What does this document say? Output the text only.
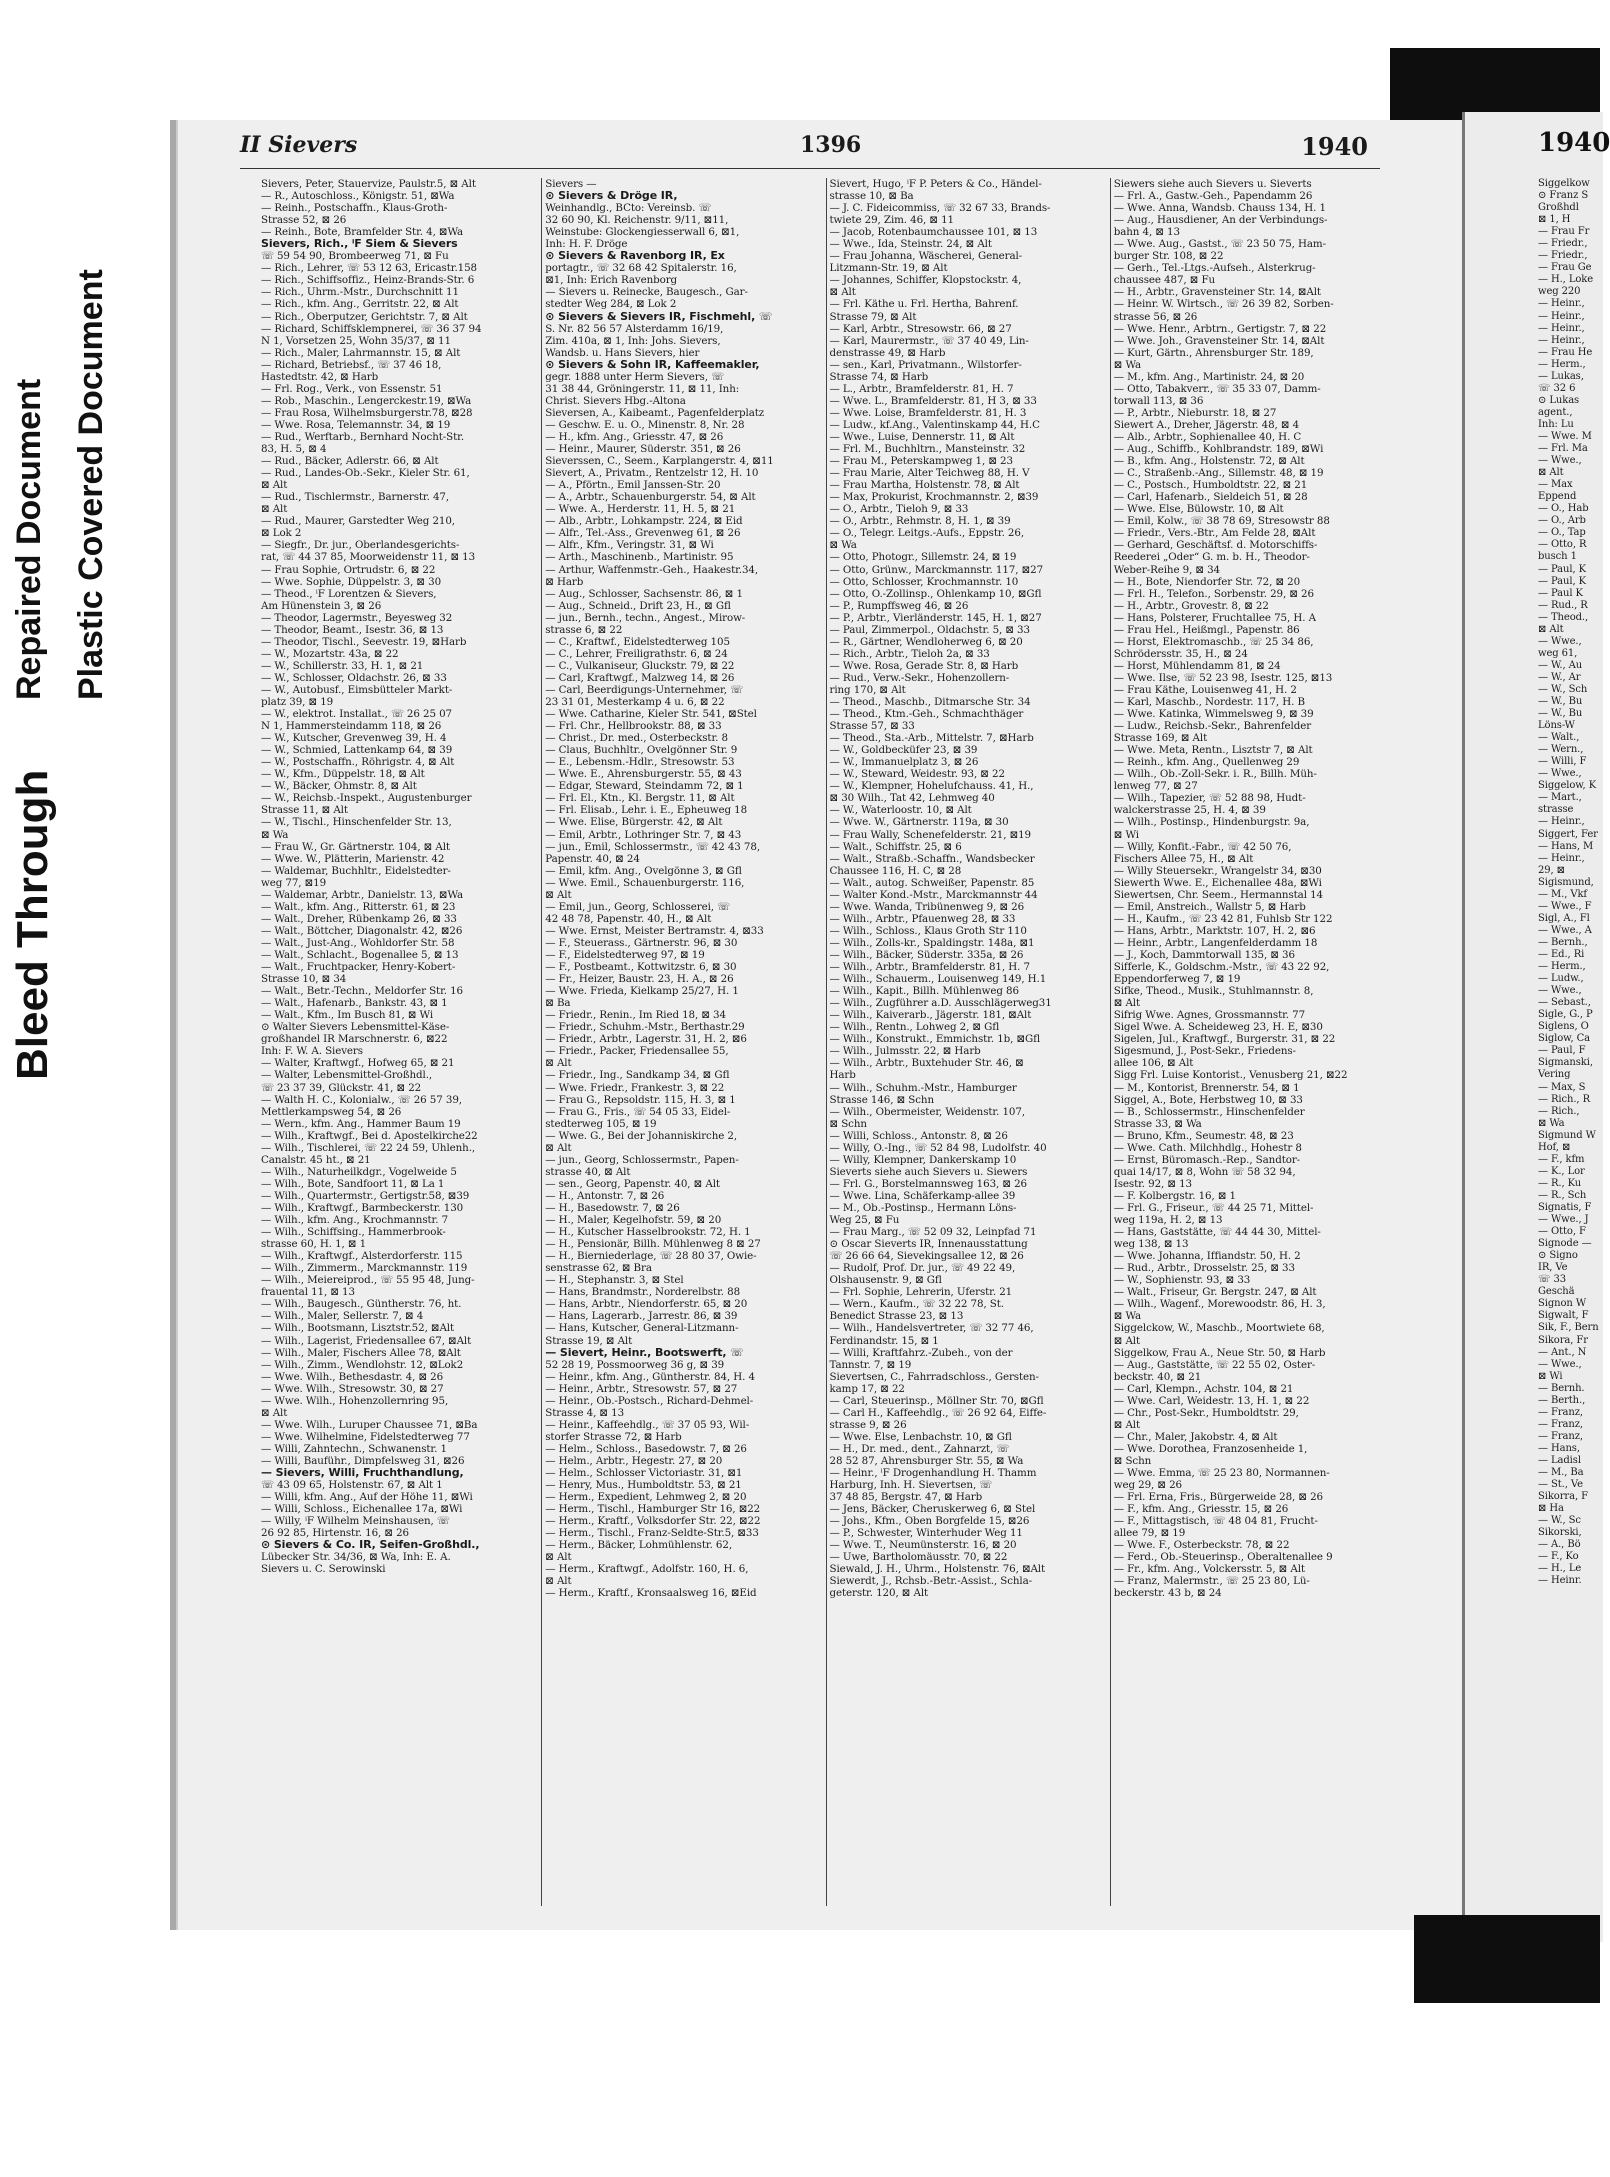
Bleed Through
Repaired Document Plastic Covered Document
II Sievers	1396	1940	1940
Sievers, Peter, Stauervize, Paulstr.5, ⊠ Alt
— R., Autoschloss., Königstr. 51, ⊠Wa
— Reinh., Postschaffn., Klaus-Groth-
Strasse 52, ⊠ 26
— Reinh., Bote, Bramfelder Str. 4, ⊠Wa
Sievers, Rich., ⁱF Siem & Sievers
☏ 59 54 90, Brombeerweg 71, ⊠ Fu
— Rich., Lehrer, ☏ 53 12 63, Ericastr.158
— Rich., Schiffsoffiz., Heinz-Brands-Str. 6
— Rich., Uhrm.-Mstr., Durchschnitt 11
— Rich., kfm. Ang., Gerritstr. 22, ⊠ Alt
— Rich., Oberputzer, Gerichtstr. 7, ⊠ Alt
— Richard, Schiffsklempnerei, ☏ 36 37 94
N 1, Vorsetzen 25, Wohn 35/37, ⊠ 11
— Rich., Maler, Lahrmannstr. 15, ⊠ Alt
— Richard, Betriebsf., ☏ 37 46 18,
Hastedtstr. 42, ⊠ Harb
— Frl. Rog., Verk., von Essenstr. 51
— Rob., Maschin., Lengerckestr.19, ⊠Wa
— Frau Rosa, Wilhelmsburgerstr.78, ⊠28
— Wwe. Rosa, Telemannstr. 34, ⊠ 19
— Rud., Werftarb., Bernhard Nocht-Str.
83, H. 5, ⊠ 4
— Rud., Bäcker, Adlerstr. 66, ⊠ Alt
— Rud., Landes-Ob.-Sekr., Kieler Str. 61,
⊠ Alt
— Rud., Tischlermstr., Barnerstr. 47,
⊠ Alt
— Rud., Maurer, Garstedter Weg 210,
⊠ Lok 2
— Siegfr., Dr. jur., Oberlandesgerichts-
rat, ☏ 44 37 85, Moorweidenstr 11, ⊠ 13
— Frau Sophie, Ortrudstr. 6, ⊠ 22
— Wwe. Sophie, Düppelstr. 3, ⊠ 30
— Theod., ⁱF Lorentzen & Sievers,
Am Hünenstein 3, ⊠ 26
— Theodor, Lagermstr., Beyesweg 32
— Theodor, Beamt., Isestr. 36, ⊠ 13
— Theodor, Tischl., Seevestr. 19, ⊠Harb
— W., Mozartstr. 43a, ⊠ 22
— W., Schillerstr. 33, H. 1, ⊠ 21
— W., Schlosser, Oldachstr. 26, ⊠ 33
— W., Autobusf., Eimsbütteler Markt-
platz 39, ⊠ 19
— W., elektrot. Installat., ☏ 26 25 07
N 1, Hammersteindamm 118, ⊠ 26
— W., Kutscher, Grevenweg 39, H. 4
— W., Schmied, Lattenkamp 64, ⊠ 39
— W., Postschaffn., Röhrigstr. 4, ⊠ Alt
— W., Kfm., Düppelstr. 18, ⊠ Alt
— W., Bäcker, Ohmstr. 8, ⊠ Alt
— W., Reichsb.-Inspekt., Augustenburger
Strasse 11, ⊠ Alt
— W., Tischl., Hinschenfelder Str. 13,
⊠ Wa
— Frau W., Gr. Gärtnerstr. 104, ⊠ Alt
— Wwe. W., Plätterin, Marienstr. 42
— Waldemar, Buchhltr., Eidelstedter-
weg 77, ⊠19
— Waldemar, Arbtr., Danielstr. 13, ⊠Wa
— Walt., kfm. Ang., Ritterstr. 61, ⊠ 23
— Walt., Dreher, Rübenkamp 26, ⊠ 33
— Walt., Böttcher, Diagonalstr. 42, ⊠26
— Walt., Just-Ang., Wohldorfer Str. 58
— Walt., Schlacht., Bogenallee 5, ⊠ 13
— Walt., Fruchtpacker, Henry-Kobert-
Strasse 10, ⊠ 34
— Walt., Betr.-Techn., Meldorfer Str. 16
— Walt., Hafenarb., Bankstr. 43, ⊠ 1
— Walt., Kfm., Im Busch 81, ⊠ Wi
⊙ Walter Sievers Lebensmittel-Käse-
großhandel IR Marschnerstr. 6, ⊠22
Inh: F. W. A. Sievers
— Walter, Kraftwgf., Hofweg 65, ⊠ 21
— Walter, Lebensmittel-Großhdl.,
☏ 23 37 39, Glückstr. 41, ⊠ 22
— Walth H. C., Kolonialw., ☏ 26 57 39,
Mettlerkampsweg 54, ⊠ 26
— Wern., kfm. Ang., Hammer Baum 19
— Wilh., Kraftwgf., Bei d. Apostelkirche22
— Wilh., Tischlerei, ☏ 22 24 59, Uhlenh.,
Canalstr. 45 ht., ⊠ 21
— Wilh., Naturheilkdgr., Vogelweide 5
— Wilh., Bote, Sandfoort 11, ⊠ La 1
— Wilh., Quartermstr., Gertigstr.58, ⊠39
— Wilh., Kraftwgf., Barmbeckerstr. 130
— Wilh., kfm. Ang., Krochmannstr. 7
— Wilh., Schiffsing., Hammerbrook-
strasse 60, H. 1, ⊠ 1
— Wilh., Kraftwgf., Alsterdorferstr. 115
— Wilh., Zimmerm., Marckmannstr. 119
— Wilh., Meiereiprod., ☏ 55 95 48, Jung-
frauental 11, ⊠ 13
— Wilh., Baugesch., Güntherstr. 76, ht.
— Wilh., Maler, Sellerstr. 7, ⊠ 4
— Wilh., Bootsmann, Lisztstr.52, ⊠Alt
— Wilh., Lagerist, Friedensallee 67, ⊠Alt
— Wilh., Maler, Fischers Allee 78, ⊠Alt
— Wilh., Zimm., Wendlohstr. 12, ⊠Lok2
— Wwe. Wilh., Bethesdastr. 4, ⊠ 26
— Wwe. Wilh., Stresowstr. 30, ⊠ 27
— Wwe. Wilh., Hohenzollernring 95,
⊠ Alt
— Wwe. Wilh., Luruper Chaussee 71, ⊠Ba
— Wwe. Wilhelmine, Fidelstedterweg 77
— Willi, Zahntechn., Schwanenstr. 1
— Willi, Bauführ., Dimpfelsweg 31, ⊠26
— Sievers, Willi, Fruchthandlung,
☏ 43 09 65, Holstenstr. 67, ⊠ Alt 1
— Willi, kfm. Ang., Auf der Höhe 11, ⊠Wi
— Willi, Schloss., Eichenallee 17a, ⊠Wi
— Willy, ⁱF Wilhelm Meinshausen, ☏
26 92 85, Hirtenstr. 16, ⊠ 26
⊙ Sievers & Co. IR, Seifen-Großhdl.,
Lübecker Str. 34/36, ⊠ Wa, Inh: E. A.
Sievers u. C. Serowinski
Sievers —
⊙ Sievers & Dröge IR,
Weinhandlg., BCto: Vereinsb. ☏
32 60 90, Kl. Reichenstr. 9/11, ⊠11,
Weinstube: Glockengiesserwall 6, ⊠1,
Inh: H. F. Dröge
⊙ Sievers & Ravenborg IR, Ex
portagtr., ☏ 32 68 42 Spitalerstr. 16,
⊠1, Inh: Erich Ravenborg
— Sievers u. Reinecke, Baugesch., Gar-
stedter Weg 284, ⊠ Lok 2
⊙ Sievers & Sievers IR, Fischmehl, ☏
S. Nr. 82 56 57 Alsterdamm 16/19,
Zim. 410a, ⊠ 1, Inh: Johs. Sievers,
Wandsb. u. Hans Sievers, hier
⊙ Sievers & Sohn IR, Kaffeemakler,
gegr. 1888 unter Herm Sievers, ☏
31 38 44, Gröningerstr. 11, ⊠ 11, Inh:
Christ. Sievers Hbg.-Altona
Sieversen, A., Kaibeamt., Pagenfelderplatz
— Geschw. E. u. O., Minenstr. 8, Nr. 28
— H., kfm. Ang., Griesstr. 47, ⊠ 26
— Heinr., Maurer, Süderstr. 351, ⊠ 26
Sieverssen, C., Seem., Karplangerstr. 4, ⊠11
Sievert, A., Privatm., Rentzelstr 12, H. 10
— A., Pförtn., Emil Janssen-Str. 20
— A., Arbtr., Schauenburgerstr. 54, ⊠ Alt
— Wwe. A., Herderstr. 11, H. 5, ⊠ 21
— Alb., Arbtr., Lohkampstr. 224, ⊠ Eid
— Alfr., Tel.-Ass., Grevenweg 61, ⊠ 26
— Alfr., Kfm., Veringstr. 31, ⊠ Wi
— Arth., Maschinenb., Martinistr. 95
— Arthur, Waffenmstr.-Geh., Haakestr.34,
⊠ Harb
— Aug., Schlosser, Sachsenstr. 86, ⊠ 1
— Aug., Schneid., Drift 23, H., ⊠ Gfl
— jun., Bernh., techn., Angest., Mirow-
strasse 6, ⊠ 22
— C., Kraftwf., Eidelstedterweg 105
— C., Lehrer, Freiligrathstr. 6, ⊠ 24
— C., Vulkaniseur, Gluckstr. 79, ⊠ 22
— Carl, Kraftwgf., Malzweg 14, ⊠ 26
— Carl, Beerdigungs-Unternehmer, ☏
23 31 01, Mesterkamp 4 u. 6, ⊠ 22
— Wwe. Catharine, Kieler Str. 541, ⊠Stel
— Frl. Chr., Hellbrookstr. 88, ⊠ 33
— Christ., Dr. med., Osterbeckstr. 8
— Claus, Buchhltr., Ovelgönner Str. 9
— E., Lebensm.-Hdlr., Stresowstr. 53
— Wwe. E., Ahrensburgerstr. 55, ⊠ 43
— Edgar, Steward, Steindamm 72, ⊠ 1
— Frl. El., Ktn., Kl. Bergstr. 11, ⊠ Alt
— Frl. Elisab., Lehr. i. E., Epheuweg 18
— Wwe. Elise, Bürgerstr. 42, ⊠ Alt
— Emil, Arbtr., Lothringer Str. 7, ⊠ 43
— jun., Emil, Schlossermstr., ☏ 42 43 78,
Papenstr. 40, ⊠ 24
— Emil, kfm. Ang., Ovelgönne 3, ⊠ Gfl
— Wwe. Emil., Schauenburgerstr. 116,
⊠ Alt
— Emil, jun., Georg, Schlosserei, ☏
42 48 78, Papenstr. 40, H., ⊠ Alt
— Wwe. Ernst, Meister Bertramstr. 4, ⊠33
— F., Steuerass., Gärtnerstr. 96, ⊠ 30
— F., Eidelstedterweg 97, ⊠ 19
— F., Postbeamt., Kottwitzstr. 6, ⊠ 30
— Fr., Heizer, Baustr. 23, H. A., ⊠ 26
— Wwe. Frieda, Kielkamp 25/27, H. 1
⊠ Ba
— Friedr., Renin., Im Ried 18, ⊠ 34
— Friedr., Schuhm.-Mstr., Berthastr.29
— Friedr., Arbtr., Lagerstr. 31, H. 2, ⊠6
— Friedr., Packer, Friedensallee 55,
⊠ Alt
— Friedr., Ing., Sandkamp 34, ⊠ Gfl
— Wwe. Friedr., Frankestr. 3, ⊠ 22
— Frau G., Repsoldstr. 115, H. 3, ⊠ 1
— Frau G., Fris., ☏ 54 05 33, Eidel-
stedterweg 105, ⊠ 19
— Wwe. G., Bei der Johanniskirche 2,
⊠ Alt
— jun., Georg, Schlossermstr., Papen-
strasse 40, ⊠ Alt
— sen., Georg, Papenstr. 40, ⊠ Alt
— H., Antonstr. 7, ⊠ 26
— H., Basedowstr. 7, ⊠ 26
— H., Maler, Kegelhofstr. 59, ⊠ 20
— H., Kutscher Hasselbrookstr. 72, H. 1
— H., Pensionär, Billh. Mühlenweg 8 ⊠ 27
— H., Bierniederlage, ☏ 28 80 37, Owie-
senstrasse 62, ⊠ Bra
— H., Stephanstr. 3, ⊠ Stel
— Hans, Brandmstr., Norderelbstr. 88
— Hans, Arbtr., Niendorferstr. 65, ⊠ 20
— Hans, Lagerarb., Jarrestr. 86, ⊠ 39
— Hans, Kutscher, General-Litzmann-
Strasse 19, ⊠ Alt
— Sievert, Heinr., Bootswerft, ☏
52 28 19, Possmoorweg 36 g, ⊠ 39
— Heinr., kfm. Ang., Güntherstr. 84, H. 4
— Heinr., Arbtr., Stresowstr. 57, ⊠ 27
— Heinr., Ob.-Postsch., Richard-Dehmel-
Strasse 4, ⊠ 13
— Heinr., Kaffeehdlg., ☏ 37 05 93, Wil-
storfer Strasse 72, ⊠ Harb
— Helm., Schloss., Basedowstr. 7, ⊠ 26
— Helm., Arbtr., Hegestr. 27, ⊠ 20
— Helm., Schlosser Victoriastr. 31, ⊠1
— Henry, Mus., Humboldtstr. 53, ⊠ 21
— Herm., Expedient, Lehmweg 2, ⊠ 20
— Herm., Tischl., Hamburger Str 16, ⊠22
— Herm., Kraftf., Volksdorfer Str. 22, ⊠22
— Herm., Tischl., Franz-Seldte-Str.5, ⊠33
— Herm., Bäcker, Lohmühlenstr. 62,
⊠ Alt
— Herm., Kraftwgf., Adolfstr. 160, H. 6,
⊠ Alt
— Herm., Kraftf., Kronsaalsweg 16, ⊠Eid
Sievert, Hugo, ⁱF P. Peters & Co., Händel-
strasse 10, ⊠ Ba
— J. C. Fideicommiss, ☏ 32 67 33, Brands-
twiete 29, Zim. 46, ⊠ 11
— Jacob, Rotenbaumchaussee 101, ⊠ 13
— Wwe., Ida, Steinstr. 24, ⊠ Alt
— Frau Johanna, Wäscherei, General-
Litzmann-Str. 19, ⊠ Alt
— Johannes, Schiffer, Klopstockstr. 4,
⊠ Alt
— Frl. Käthe u. Frl. Hertha, Bahrenf.
Strasse 79, ⊠ Alt
— Karl, Arbtr., Stresowstr. 66, ⊠ 27
— Karl, Maurermstr., ☏ 37 40 49, Lin-
denstrasse 49, ⊠ Harb
— sen., Karl, Privatmann., Wilstorfer-
Strasse 74, ⊠ Harb
— L., Arbtr., Bramfelderstr. 81, H. 7
— Wwe. L., Bramfelderstr. 81, H 3, ⊠ 33
— Wwe. Loise, Bramfelderstr. 81, H. 3
— Ludw., kf.Ang., Valentinskamp 44, H.C
— Wwe., Luise, Dennerstr. 11, ⊠ Alt
— Frl. M., Buchhltrn., Mansteinstr. 32
— Frau M., Peterskampweg 1, ⊠ 23
— Frau Marie, Alter Teichweg 88, H. V
— Frau Martha, Holstenstr. 78, ⊠ Alt
— Max, Prokurist, Krochmannstr. 2, ⊠39
— O., Arbtr., Tieloh 9, ⊠ 33
— O., Arbtr., Rehmstr. 8, H. 1, ⊠ 39
— O., Telegr. Leitgs.-Aufs., Eppstr. 26,
⊠ Wa
— Otto, Photogr., Sillemstr. 24, ⊠ 19
— Otto, Grünw., Marckmannstr. 117, ⊠27
— Otto, Schlosser, Krochmannstr. 10
— Otto, O.-Zollinsp., Ohlenkamp 10, ⊠Gfl
— P., Rumpffsweg 46, ⊠ 26
— P., Arbtr., Vierländerstr. 145, H. 1, ⊠27
— Paul, Zimmerpol., Oldachstr. 5, ⊠ 33
— R., Gärtner, Wendloherweg 6, ⊠ 20
— Rich., Arbtr., Tieloh 2a, ⊠ 33
— Wwe. Rosa, Gerade Str. 8, ⊠ Harb
— Rud., Verw.-Sekr., Hohenzollern-
ring 170, ⊠ Alt
— Theod., Maschb., Ditmarsche Str. 34
— Theod., Ktm.-Geh., Schmachthäger
Strasse 57, ⊠ 33
— Theod., Sta.-Arb., Mittelstr. 7, ⊠Harb
— W., Goldbecküfer 23, ⊠ 39
— W., Immanuelplatz 3, ⊠ 26
— W., Steward, Weidestr. 93, ⊠ 22
— W., Klempner, Hohelufchauss. 41, H.,
⊠ 30 Wilh., Tat 42, Lehmweg 40
— W., Waterloostr. 10, ⊠ Alt
— Wwe. W., Gärtnerstr. 119a, ⊠ 30
— Frau Wally, Schenefelderstr. 21, ⊠19
— Walt., Schiffstr. 25, ⊠ 6
— Walt., Straßb.-Schaffn., Wandsbecker
Chaussee 116, H. C, ⊠ 28
— Walt., autog. Schweißer, Papenstr. 85
— Walter Kond.-Mstr., Marckmannstr 44
— Wwe. Wanda, Tribünenweg 9, ⊠ 26
— Wilh., Arbtr., Pfauenweg 28, ⊠ 33
— Wilh., Schloss., Klaus Groth Str 110
— Wilh., Zolls-kr., Spaldingstr. 148a, ⊠1
— Wilh., Bäcker, Süderstr. 335a, ⊠ 26
— Wilh., Arbtr., Bramfelderstr. 81, H. 7
— Wilh., Schauerm., Louisenweg 149, H.1
— Wilh., Kapit., Billh. Mühlenweg 86
— Wilh., Zugführer a.D. Ausschlägerweg31
— Wilh., Kaiverarb., Jägerstr. 181, ⊠Alt
— Wilh., Rentn., Lohweg 2, ⊠ Gfl
— Wilh., Konstrukt., Emmichstr. 1b, ⊠Gfl
— Wilh., Julmsstr. 22, ⊠ Harb
— Wilh., Arbtr., Buxtehuder Str. 46, ⊠
Harb
— Wilh., Schuhm.-Mstr., Hamburger
Strasse 146, ⊠ Schn
— Wilh., Obermeister, Weidenstr. 107,
⊠ Schn
— Willi, Schloss., Antonstr. 8, ⊠ 26
— Willy, O.-Ing., ☏ 52 84 98, Ludolfstr. 40
— Willy, Klempner, Dankerskamp 10
Sieverts siehe auch Sievers u. Siewers
— Frl. G., Borstelmannsweg 163, ⊠ 26
— Wwe. Lina, Schäferkamp-allee 39
— M., Ob.-Postinsp., Hermann Löns-
Weg 25, ⊠ Fu
— Frau Marg., ☏ 52 09 32, Leinpfad 71
⊙ Oscar Sieverts IR, Innenausstattung
☏ 26 66 64, Sievekingsallee 12, ⊠ 26
— Rudolf, Prof. Dr. jur., ☏ 49 22 49,
Olshausenstr. 9, ⊠ Gfl
— Frl. Sophie, Lehrerin, Uferstr. 21
— Wern., Kaufm., ☏ 32 22 78, St.
Benedict Strasse 23, ⊠ 13
— Wilh., Handelsvertreter, ☏ 32 77 46,
Ferdinandstr. 15, ⊠ 1
— Willi, Kraftfahrz.-Zubeh., von der
Tannstr. 7, ⊠ 19
Sievertsen, C., Fahrradschloss., Gersten-
kamp 17, ⊠ 22
— Carl, Steuerinsp., Möllner Str. 70, ⊠Gfl
— Carl H., Kaffeehdlg., ☏ 26 92 64, Eiffe-
strasse 9, ⊠ 26
— Wwe. Else, Lenbachstr. 10, ⊠ Gfl
— H., Dr. med., dent., Zahnarzt, ☏
28 52 87, Ahrensburger Str. 55, ⊠ Wa
— Heinr., ⁱF Drogenhandlung H. Thamm
Harburg, Inh. H. Sievertsen, ☏
37 48 85, Bergstr. 47, ⊠ Harb
— Jens, Bäcker, Cheruskerweg 6, ⊠ Stel
— Johs., Kfm., Oben Borgfelde 15, ⊠26
— P., Schwester, Winterhuder Weg 11
— Wwe. T., Neumünsterstr. 16, ⊠ 20
— Uwe, Bartholomäusstr. 70, ⊠ 22
Siewald, J. H., Uhrm., Holstenstr. 76, ⊠Alt
Siewerdt, J., Rchsb.-Betr.-Assist., Schla-
geterstr. 120, ⊠ Alt
Siewers siehe auch Sievers u. Sieverts
— Frl. A., Gastw.-Geh., Papendamm 26
— Wwe. Anna, Wandsb. Chauss 134, H. 1
— Aug., Hausdiener, An der Verbindungs-
bahn 4, ⊠ 13
— Wwe. Aug., Gastst., ☏ 23 50 75, Ham-
burger Str. 108, ⊠ 22
— Gerh., Tel.-Ltgs.-Aufseh., Alsterkrug-
chaussee 487, ⊠ Fu
— H., Arbtr., Gravensteiner Str. 14, ⊠Alt
— Heinr. W. Wirtsch., ☏ 26 39 82, Sorben-
strasse 56, ⊠ 26
— Wwe. Henr., Arbtrn., Gertigstr. 7, ⊠ 22
— Wwe. Joh., Gravensteiner Str. 14, ⊠Alt
— Kurt, Gärtn., Ahrensburger Str. 189,
⊠ Wa
— M., kfm. Ang., Martinistr. 24, ⊠ 20
— Otto, Tabakverr., ☏ 35 33 07, Damm-
torwall 113, ⊠ 36
— P., Arbtr., Nieburstr. 18, ⊠ 27
Siewert A., Dreher, Jägerstr. 48, ⊠ 4
— Alb., Arbtr., Sophienallee 40, H. C
— Aug., Schiffb., Kohlbrandstr. 189, ⊠Wi
— B., kfm. Ang., Holstenstr. 72, ⊠ Alt
— C., Straßenb.-Ang., Sillemstr. 48, ⊠ 19
— C., Postsch., Humboldtstr. 22, ⊠ 21
— Carl, Hafenarb., Sieldeich 51, ⊠ 28
— Wwe. Else, Bülowstr. 10, ⊠ Alt
— Emil, Kolw., ☏ 38 78 69, Stresowstr 88
— Friedr., Vers.-Btr., Am Felde 28, ⊠Alt
— Gerhard, Geschäftsf. d. Motorschiffs-
Reederei „Oder“ G. m. b. H., Theodor-
Weber-Reihe 9, ⊠ 34
— H., Bote, Niendorfer Str. 72, ⊠ 20
— Frl. H., Telefon., Sorbenstr. 29, ⊠ 26
— H., Arbtr., Grovestr. 8, ⊠ 22
— Hans, Polsterer, Fruchtallee 75, H. A
— Frau Hel., Heißmgl., Papenstr. 86
— Horst, Elektromaschb., ☏ 25 34 86,
Schrödersstr. 35, H., ⊠ 24
— Horst, Mühlendamm 81, ⊠ 24
— Wwe. Ilse, ☏ 52 23 98, Isestr. 125, ⊠13
— Frau Käthe, Louisenweg 41, H. 2
— Karl, Maschb., Nordestr. 117, H. B
— Wwe. Katinka, Wimmelsweg 9, ⊠ 39
— Ludw., Reichsb.-Sekr., Bahrenfelder
Strasse 169, ⊠ Alt
— Wwe. Meta, Rentn., Lisztstr 7, ⊠ Alt
— Reinh., kfm. Ang., Quellenweg 29
— Wilh., Ob.-Zoll-Sekr. i. R., Billh. Müh-
lenweg 77, ⊠ 27
— Wilh., Tapezier, ☏ 52 88 98, Hudt-
walckerstrasse 25, H. 4, ⊠ 39
— Wilh., Postinsp., Hindenburgstr. 9a,
⊠ Wi
— Willy, Konfit.-Fabr., ☏ 42 50 76,
Fischers Allee 75, H., ⊠ Alt
— Willy Steuersekr., Wrangelstr 34, ⊠30
Siewerth Wwe. E., Eichenallee 48a, ⊠Wi
Siewertsen, Chr. Seem., Hermannstal 14
— Emil, Anstreich., Wallstr 5, ⊠ Harb
— H., Kaufm., ☏ 23 42 81, Fuhlsb Str 122
— Hans, Arbtr., Marktstr. 107, H. 2, ⊠6
— Heinr., Arbtr., Langenfelderdamm 18
— J., Koch, Dammtorwall 135, ⊠ 36
Sifferle, K., Goldschm.-Mstr., ☏ 43 22 92,
Eppendorferweg 7, ⊠ 19
Sifke, Theod., Musik., Stuhlmannstr. 8,
⊠ Alt
Sifrig Wwe. Agnes, Grossmannstr. 77
Sigel Wwe. A. Scheideweg 23, H. E, ⊠30
Sigelen, Jul., Kraftwgf., Burgerstr. 31, ⊠ 22
Sigesmund, J., Post-Sekr., Friedens-
allee 106, ⊠ Alt
Sigg Frl. Luise Kontorist., Venusberg 21, ⊠22
— M., Kontorist, Brennerstr. 54, ⊠ 1
Siggel, A., Bote, Herbstweg 10, ⊠ 33
— B., Schlossermstr., Hinschenfelder
Strasse 33, ⊠ Wa
— Bruno, Kfm., Seumestr. 48, ⊠ 23
— Wwe. Cath. Milchhdlg., Hohestr 8
— Ernst, Büromasch.-Rep., Sandtor-
quai 14/17, ⊠ 8, Wohn ☏ 58 32 94,
Isestr. 92, ⊠ 13
— F. Kolbergstr. 16, ⊠ 1
— Frl. G., Friseur., ☏ 44 25 71, Mittel-
weg 119a, H. 2, ⊠ 13
— Hans, Gaststätte, ☏ 44 44 30, Mittel-
weg 138, ⊠ 13
— Wwe. Johanna, Iffiandstr. 50, H. 2
— Rud., Arbtr., Drosselstr. 25, ⊠ 33
— W., Sophienstr. 93, ⊠ 33
— Walt., Friseur, Gr. Bergstr. 247, ⊠ Alt
— Wilh., Wagenf., Morewoodstr. 86, H. 3,
⊠ Wa
Siggelckow, W., Maschb., Moortwiete 68,
⊠ Alt
Siggelkow, Frau A., Neue Str. 50, ⊠ Harb
— Aug., Gaststätte, ☏ 22 55 02, Oster-
beckstr. 40, ⊠ 21
— Carl, Klempn., Achstr. 104, ⊠ 21
— Wwe. Carl, Weidestr. 13, H. 1, ⊠ 22
— Chr., Post-Sekr., Humboldtstr. 29,
⊠ Alt
— Chr., Maler, Jakobstr. 4, ⊠ Alt
— Wwe. Dorothea, Franzosenheide 1,
⊠ Schn
— Wwe. Emma, ☏ 25 23 80, Normannen-
weg 29, ⊠ 26
— Frl. Erna, Fris., Bürgerweide 28, ⊠ 26
— F., kfm. Ang., Griesstr. 15, ⊠ 26
— F., Mittagstisch, ☏ 48 04 81, Frucht-
allee 79, ⊠ 19
— Wwe. F., Osterbeckstr. 78, ⊠ 22
— Ferd., Ob.-Steuerinsp., Oberaltenallee 9
— Fr., kfm. Ang., Volckersstr. 5, ⊠ Alt
— Franz, Malermstr., ☏ 25 23 80, Lü-
beckerstr. 43 b, ⊠ 24
Siggelkow
⊙ Franz S
Großhdl
⊠ 1, H
— Frau Fr
— Friedr.,
— Friedr.,
— Frau Ge
— H., Loke
weg 220
— Heinr.,
— Heinr.,
— Heinr.,
— Heinr.,
— Frau He
— Herm.,
— Lukas,
☏ 32 6
⊙ Lukas
agent.,
Inh: Lu
— Wwe. M
— Frl. Ma
— Wwe.,
⊠ Alt
— Max
Eppend
— O., Hab
— O., Arb
— O., Tap
— Otto, R
busch 1
— Paul, K
— Paul, K
— Paul K
— Rud., R
— Theod.,
⊠ Alt
— Wwe.,
weg 61,
— W., Au
— W., Ar
— W., Sch
— W., Bu
— W., Bu
Löns-W
— Walt.,
— Wern.,
— Willi, F
— Wwe.,
Siggelow, K
— Mart.,
strasse
— Heinr.,
Siggert, Fer
— Hans, M
— Heinr.,
29, ⊠
Sigismund,
— M., Vkf
— Wwe., F
Sigl, A., Fl
— Wwe., A
— Bernh.,
— Ed., Ri
— Herm.,
— Ludw.,
— Wwe.,
— Sebast.,
Sigle, G., P
Siglens, O
Siglow, Ca
— Paul, F
Sigmanski,
Vering
— Max, S
— Rich., R
— Rich.,
⊠ Wa
Sigmund W
Hof, ⊠
— F., kfm
— K., Lor
— R., Ku
— R., Sch
Signatis, F
— Wwe., J
— Otto, F
Signode —
⊙ Signo
IR, Ve
☏ 33
Geschä
Signon W
Sigwalt, F
Sik, F., Bern
Sikora, Fr
— Ant., N
— Wwe.,
⊠ Wi
— Bernh.
— Berth.,
— Franz,
— Franz,
— Franz,
— Hans,
— Ladisl
— M., Ba
— St., Ve
Sikorra, F
⊠ Ha
— W., Sc
Sikorski,
— A., Bö
— F., Ko
— H., Le
— Heinr.
